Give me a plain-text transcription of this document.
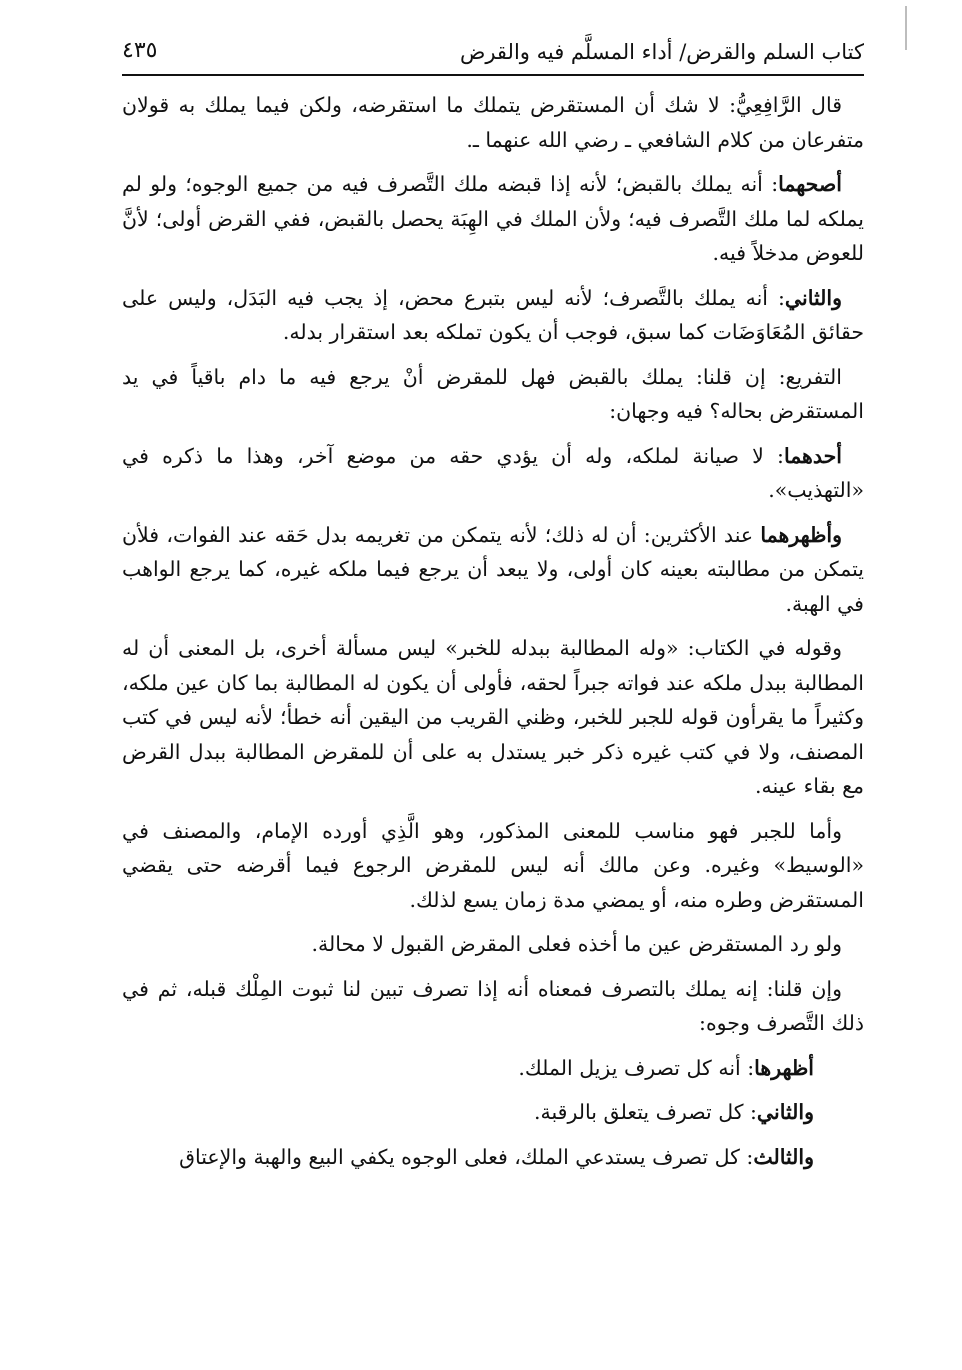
كتاب السلم والقرض/ أداء المسلَّم فيه والقرض
٤٣٥

قال الرَّافِعِيُّ: لا شك أن المستقرض يتملك ما استقرضه، ولكن فيما يملك به قولان متفرعان من كلام الشافعي ـ رضي الله عنهما ـ.

أصحهما: أنه يملك بالقبض؛ لأنه إذا قبضه ملك التَّصرف فيه من جميع الوجوه؛ ولو لم يملكه لما ملك التَّصرف فيه؛ ولأن الملك في الهِبَة يحصل بالقبض، ففي القرض أولى؛ لأنَّ للعوض مدخلاً فيه.

والثاني: أنه يملك بالتَّصرف؛ لأنه ليس بتبرع محض، إذ يجب فيه البَدَل، وليس على حقائق المُعَاوَضَات كما سبق، فوجب أن يكون تملكه بعد استقرار بدله.

التفريع: إن قلنا: يملك بالقبض فهل للمقرض أنْ يرجع فيه ما دام باقياً في يد المستقرض بحاله؟ فيه وجهان:

أحدهما: لا صيانة لملكه، وله أن يؤدي حقه من موضع آخر، وهذا ما ذكره في «التهذيب».

وأظهرهما عند الأكثرين: أن له ذلك؛ لأنه يتمكن من تغريمه بدل حَقه عند الفوات، فلأن يتمكن من مطالبته بعينه كان أولى، ولا يبعد أن يرجع فيما ملكه غيره، كما يرجع الواهب في الهبة.

وقوله في الكتاب: «وله المطالبة ببدله للخبر» ليس مسألة أخرى، بل المعنى أن له المطالبة ببدل ملكه عند فواته جبراً لحقه، فأولى أن يكون له المطالبة بما كان عين ملكه، وكثيراً ما يقرأون قوله للجبر للخبر، وظني القريب من اليقين أنه خطأ؛ لأنه ليس في كتب المصنف، ولا في كتب غيره ذكر خبر يستدل به على أن للمقرض المطالبة ببدل القرض مع بقاء عينه.

وأما للجبر فهو مناسب للمعنى المذكور، وهو الَّذِي أورده الإمام، والمصنف في «الوسيط» وغيره. وعن مالك أنه ليس للمقرض الرجوع فيما أقرضه حتى يقضي المستقرض وطره منه، أو يمضي مدة زمان يسع لذلك.

ولو رد المستقرض عين ما أخذه فعلى المقرض القبول لا محالة.

وإن قلنا: إنه يملك بالتصرف فمعناه أنه إذا تصرف تبين لنا ثبوت المِلْك قبله، ثم في ذلك التَّصرف وجوه:

أظهرها: أنه كل تصرف يزيل الملك.

والثاني: كل تصرف يتعلق بالرقبة.

والثالث: كل تصرف يستدعي الملك، فعلى الوجوه يكفي البيع والهبة والإعتاق
